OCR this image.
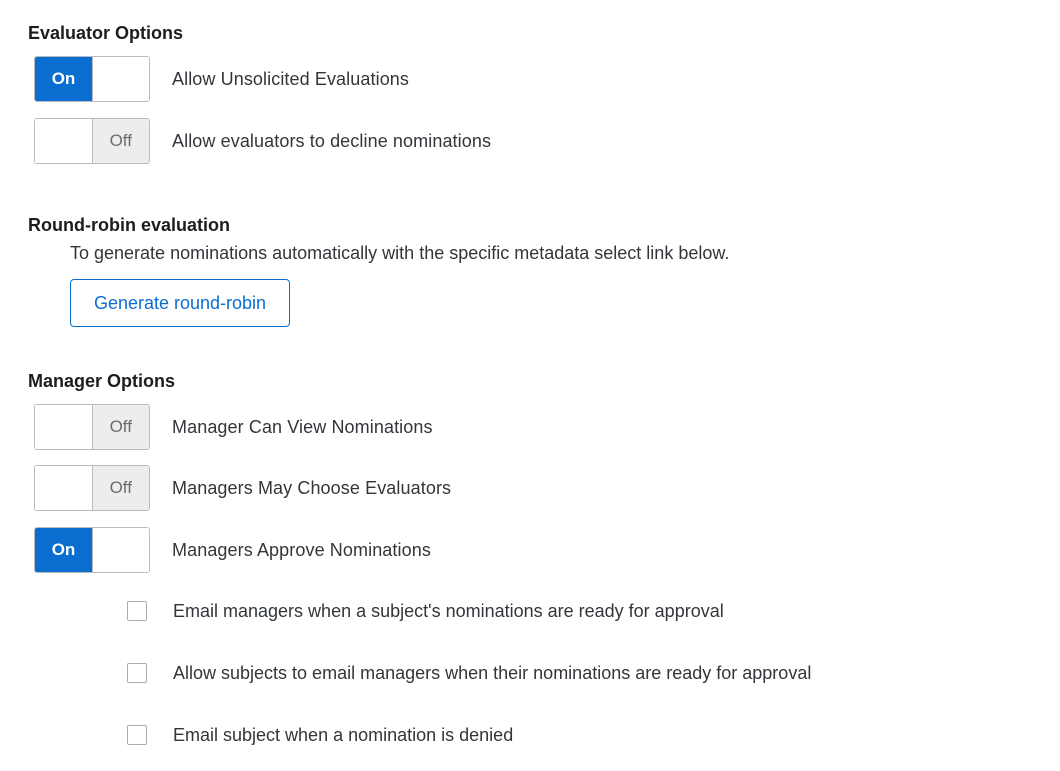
Evaluator Options
On	Allow Unsolicited Evaluations
Off	Allow evaluators to decline nominations
Round-robin evaluation
To generate nominations automatically with the specific metadata select link below.
Generate round-robin
Manager Options
Off	Manager Can View Nominations
Off	Managers May Choose Evaluators
On	Managers Approve Nominations
Email managers when a subject's nominations are ready for approval
Allow subjects to email managers when their nominations are ready for approval
Email subject when a nomination is denied
